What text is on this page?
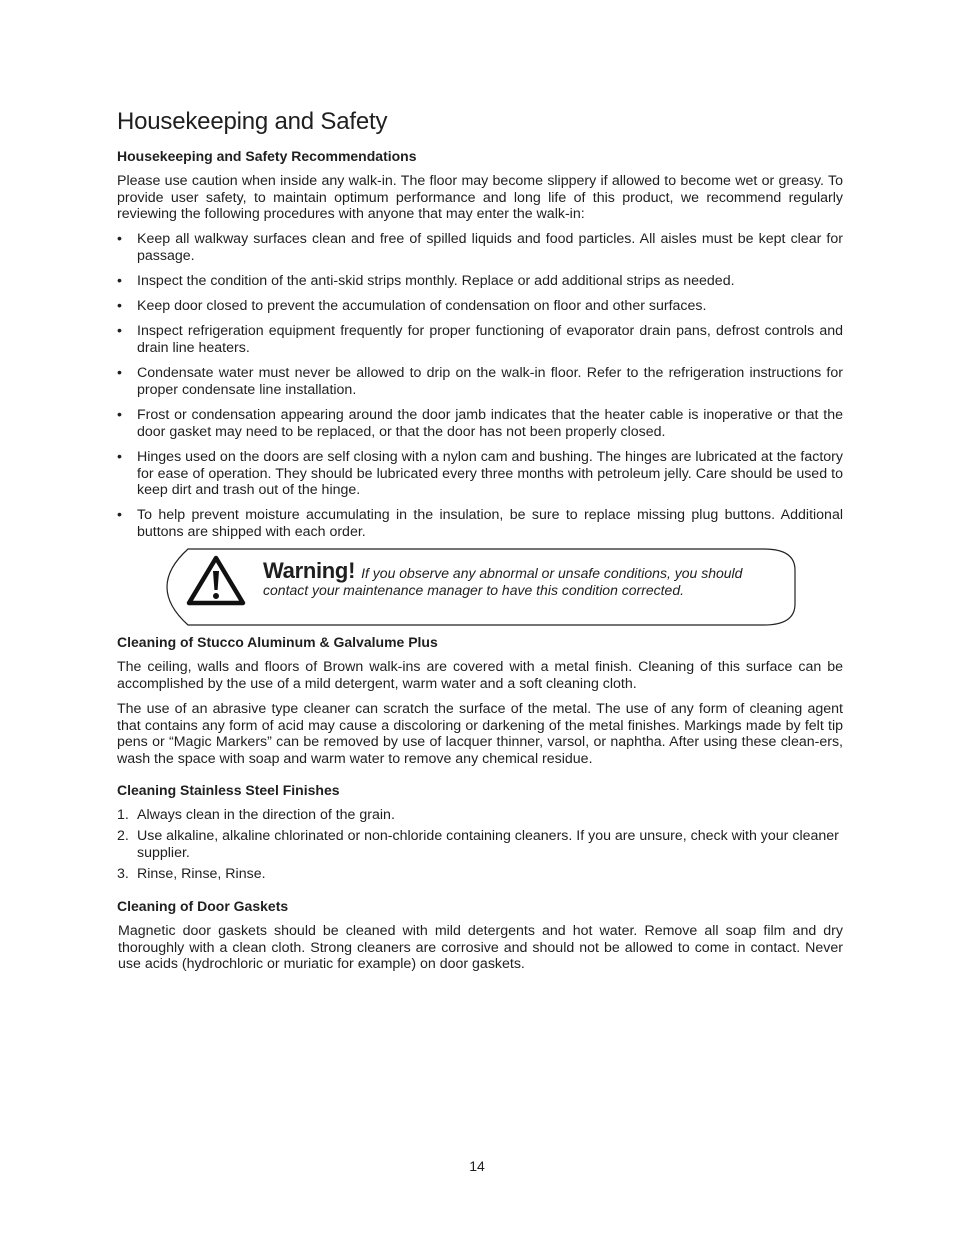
Housekeeping and Safety
Housekeeping and Safety Recommendations

Please use caution when inside any walk-in. The floor may become slippery if allowed to become wet or greasy. To provide user safety, to maintain optimum performance and long life of this product, we recommend regularly reviewing the following procedures with anyone that may enter the walk-in:

•	Keep all walkway surfaces clean and free of spilled liquids and food particles. All aisles must be kept clear for passage.
•	Inspect the condition of the anti-skid strips monthly. Replace or add additional strips as needed.
•	Keep door closed to prevent the accumulation of condensation on floor and other surfaces.
•	Inspect refrigeration equipment frequently for proper functioning of evaporator drain pans, defrost controls and drain line heaters.
•	Condensate water must never be allowed to drip on the walk-in floor. Refer to the refrigeration instructions for proper condensate line installation.
•	Frost or condensation appearing around the door jamb indicates that the heater cable is inoperative or that the door gasket may need to be replaced, or that the door has not been properly closed.
•	Hinges used on the doors are self closing with a nylon cam and bushing. The hinges are lubricated at the factory for ease of operation. They should be lubricated every three months with petroleum jelly. Care should be used to keep dirt and trash out of the hinge.
•	To help prevent moisture accumulating in the insulation, be sure to replace missing plug buttons. Additional buttons are shipped with each order.
Warning! If you observe any abnormal or unsafe conditions, you should contact your maintenance manager to have this condition corrected.
Cleaning of Stucco Aluminum & Galvalume Plus

The ceiling, walls and floors of Brown walk-ins are covered with a metal finish. Cleaning of this surface can be accomplished by the use of a mild detergent, warm water and a soft cleaning cloth.

The use of an abrasive type cleaner can scratch the surface of the metal. The use of any form of cleaning agent that contains any form of acid may cause a discoloring or darkening of the metal finishes. Markings made by felt tip pens or “Magic Markers” can be removed by use of lacquer thinner, varsol, or naphtha. After using these clean-ers, wash the space with soap and warm water to remove any chemical residue.

Cleaning Stainless Steel Finishes
1. Always clean in the direction of the grain.
2. Use alkaline, alkaline chlorinated or non-chloride containing cleaners. If you are unsure, check with your cleaner supplier.
3. Rinse, Rinse, Rinse.
Cleaning of Door Gaskets

Magnetic door gaskets should be cleaned with mild detergents and hot water. Remove all soap film and dry thoroughly with a clean cloth. Strong cleaners are corrosive and should not be allowed to come in contact. Never use acids (hydrochloric or muriatic for example) on door gaskets.

14
